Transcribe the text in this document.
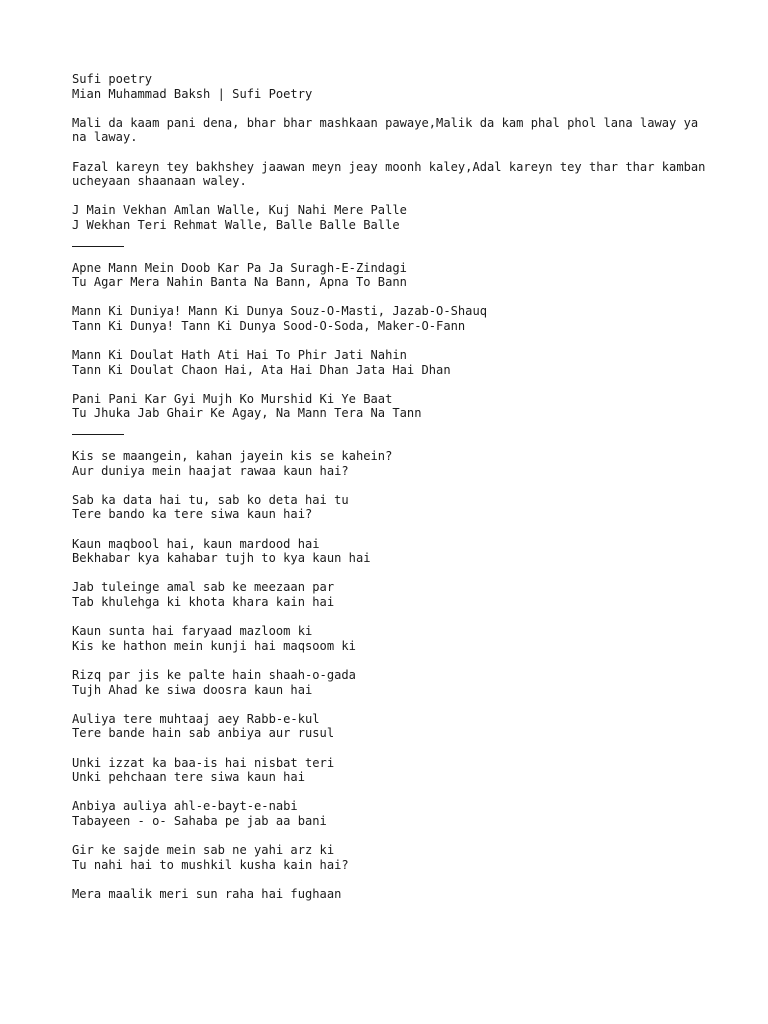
Sufi poetry
Mian Muhammad Baksh | Sufi Poetry
Mali da kaam pani dena, bhar bhar mashkaan pawaye,Malik da kam phal phol lana laway ya na laway.
Fazal kareyn tey bakhshey jaawan meyn jeay moonh kaley,Adal kareyn tey thar thar kamban ucheyaan shaanaan waley.
J Main Vekhan Amlan Walle, Kuj Nahi Mere Palle
J Wekhan Teri Rehmat Walle, Balle Balle Balle
Apne Mann Mein Doob Kar Pa Ja Suragh-E-Zindagi
Tu Agar Mera Nahin Banta Na Bann, Apna To Bann
Mann Ki Duniya! Mann Ki Dunya Souz-O-Masti, Jazab-O-Shauq
Tann Ki Dunya! Tann Ki Dunya Sood-O-Soda, Maker-O-Fann
Mann Ki Doulat Hath Ati Hai To Phir Jati Nahin
Tann Ki Doulat Chaon Hai, Ata Hai Dhan Jata Hai Dhan
Pani Pani Kar Gyi Mujh Ko Murshid Ki Ye Baat
Tu Jhuka Jab Ghair Ke Agay, Na Mann Tera Na Tann
Kis se maangein, kahan jayein kis se kahein?
Aur duniya mein haajat rawaa kaun hai?
Sab ka data hai tu, sab ko deta hai tu
Tere bando ka tere siwa kaun hai?
Kaun maqbool hai, kaun mardood hai
Bekhabar kya kahabar tujh to kya kaun hai
Jab tuleinge amal sab ke meezaan par
Tab khulehga ki khota khara kain hai
Kaun sunta hai faryaad mazloom ki
Kis ke hathon mein kunji hai maqsoom ki
Rizq par jis ke palte hain shaah-o-gada
Tujh Ahad ke siwa doosra kaun hai
Auliya tere muhtaaj aey Rabb-e-kul
Tere bande hain sab anbiya aur rusul
Unki izzat ka baa-is hai nisbat teri
Unki pehchaan tere siwa kaun hai
Anbiya auliya ahl-e-bayt-e-nabi
Tabayeen - o- Sahaba pe jab aa bani
Gir ke sajde mein sab ne yahi arz ki
Tu nahi hai to mushkil kusha kain hai?
Mera maalik meri sun raha hai fughaan
